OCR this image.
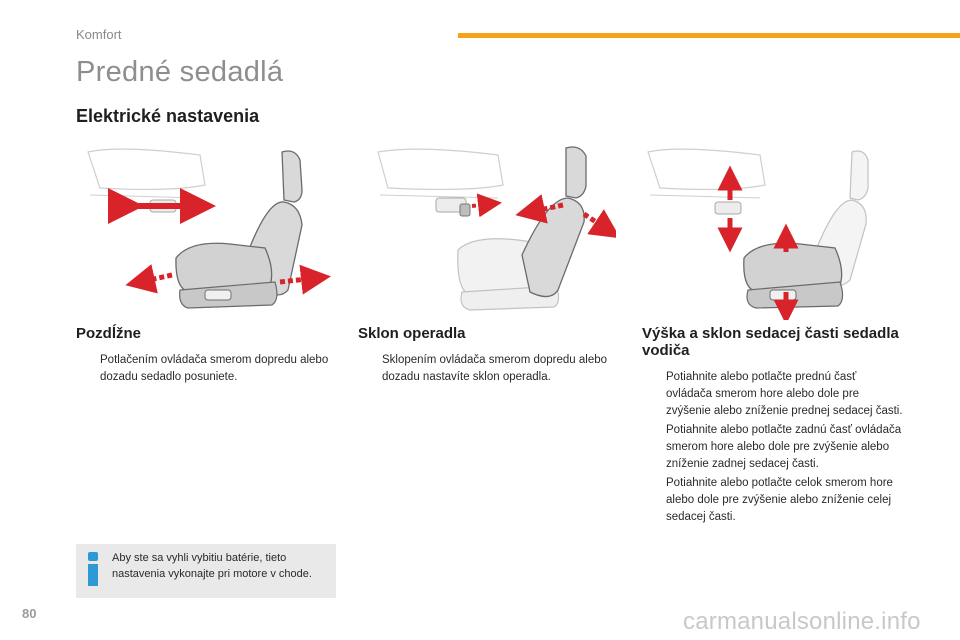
Komfort
Predné sedadlá
Elektrické nastavenia
Pozdĺžne
Potlačením ovládača smerom dopredu alebo dozadu sedadlo posuniete.
Sklon operadla
Sklopením ovládača smerom dopredu alebo dozadu nastavíte sklon operadla.
Výška a sklon sedacej časti sedadla vodiča
Potiahnite alebo potlačte prednú časť ovládača smerom hore alebo dole pre zvýšenie alebo zníženie prednej sedacej časti.
Potiahnite alebo potlačte zadnú časť ovládača smerom hore alebo dole pre zvýšenie alebo zníženie zadnej sedacej časti.
Potiahnite alebo potlačte celok smerom hore alebo dole pre zvýšenie alebo zníženie celej sedacej časti.
Aby ste sa vyhli vybitiu batérie, tieto nastavenia vykonajte pri motore v chode.
80	carmanualsonline.info
